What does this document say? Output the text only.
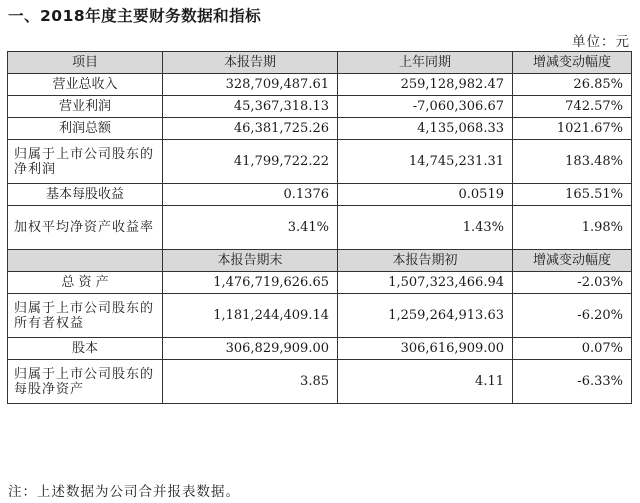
一、2018年度主要财务数据和指标
单位：元
项目	本报告期	上年同期	增减变动幅度
营业总收入	328,709,487.61	259,128,982.47	26.85%
营业利润	45,367,318.13	-7,060,306.67	742.57%
利润总额	46,381,725.26	4,135,068.33	1021.67%
归属于上市公司股东的净利润	41,799,722.22	14,745,231.31	183.48%
基本每股收益	0.1376	0.0519	165.51%
加权平均净资产收益率	3.41%	1.43%	1.98%
	本报告期末	本报告期初	增减变动幅度
总 资 产	1,476,719,626.65	1,507,323,466.94	-2.03%
归属于上市公司股东的所有者权益	1,181,244,409.14	1,259,264,913.63	-6.20%
股本	306,829,909.00	306,616,909.00	0.07%
归属于上市公司股东的每股净资产	3.85	4.11	-6.33%
注：上述数据为公司合并报表数据。
